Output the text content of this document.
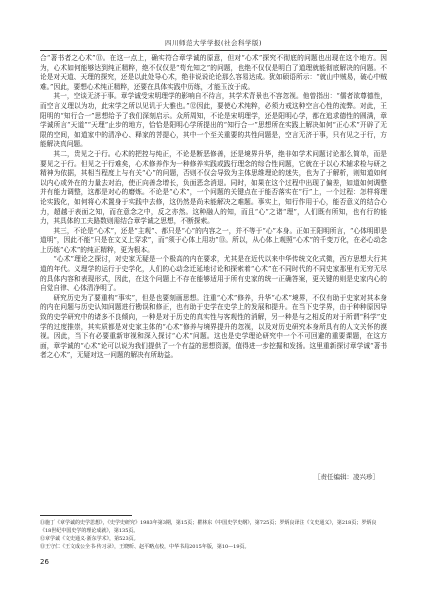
四川师范大学学报(社会科学版)

合“著书者之心术”⑪。在这一点上，确实符合章学诚的原意，但对“心术”探究不彻底的问题也出现在这个地方。因为，心术如何能够达到纯正精粹，绝不仅仅是“苟允知之”的问题，也绝不仅仅是明白了道理就能彻底解决的问题。不论是对天道、天理的探究，还是以此处导心术，绝非说说论论那么容易达成。犹如硕语所示：“就山中贼易，破心中贼难。”因此，要想心术纯正精粹，还要在具体实践中历练，才能玉汝于成。

其一，空谈无济于事。章学诚受宋明理学的影响自不待言，其学术背景也不容忽视。他曾指出：“儒者欲尊德性，而空言义理以为功，此宋学之所以见讥于大雅也。”⑫因此，要使心术纯粹，必须力戒这种空言心性的流弊。对此，王阳明的“知行合一”思想给予了我们深刻启示。众所周知，不论是宋明理学，还是阳明心学，都在追求德性的圆满，章学诚所言“天道”“天理”止步的地方，恰恰是阳明心学所提出的“知行合一”思想所在实践上解决如何“正心术”开辟了无限的空间，如道家中的清净心、释家的菩提心，其中一个至关重要的共性问题是，空言无济于事，只有见之于行，方能解决真问题。

其二，贵见之于行。心术的把控与纯正，不论是断恶修善，还是境界升华，绝非如学术问题讨论那么简单，而是要见之于行。但见之于行难矣，心术修养作为一种修养实践或践行理念的综合性问题，它就在于以心术辅求检与研之精神为依据，其相当程度上与有关“心”的问题，否则不仅会导致为主体思维理论的迷失，也为了于解析，则知道如何以内心或外在的力量去对治，使正向善念增长，负面恶念消退。同时，如果在这个过程中出现了偏差，如道如何调整并有能力调整，这都是对心的磨炼。不论是“心术”，一个问题的关键点在于能否落实在“行”上，一个过程：怎样将理论实践化，如何将心术置身于实践中去修，这仍然是尚未能解决之难题。事实上，知行作用于心，能否意义的结合心力，超越于表面之知，而在意念之中，反之亦然。这种融人的知，而且“心”之诸“理”，人们既有所知，也有行的能力，其具体的工夫路数则需结合章学诚之思想，不断探索。

其三，不论是“心术”，还是“主观”、都只是“心”的内容之一，并不等于“心”本身。正如王阳明所言，“心体明即是道明”，因此不能“只是在文义上穿求”，而“须于心体上用功”⑬。所以，从心体上观照“心术”的千变万化，在必心动念上历练“心术”的纯正精粹，更为根本。

“心术”理论之探讨，对史家无疑是一个极高的内在要求，尤其是在近代以来中华传统文化式微，西方思想大行其道的年代。义理学的运行于史学化，人们的心动念迁延地讨论和探索着“心术”在不同时代的不同史家那里有无穷无尽的具体内容和表现形式，因此，在这个问题上不存在能够适用于所有史家的统一正确答案，更关键的则是史家内心的自觉自律、心体清净明了。

研究历史为了要重构“事实”，但是也要刻画思想。注重“心术”修养，升华“心术”境界，不仅有助于史家对其本身的内在问题与历史认知问题进行勘误和修正，也有助于史学在史学上的发展和提升。在当下史学界，由于种种原因导致的史学研究中的诸多不良倾向，一种是对于历史的真实性与客观性的消解，另一种是与之相反的对于所谓“科学”史学的过度推崇，其实质都是对史家主体的“心术”修养与境界提升的忽视，以及对历史研究本身所具有的人文关怀的漠视。因此，当下有必要重新审视和深入探讨“心术”问题。这也是史学理论研究中一个不可回避的重要课题，在这方面，章学诚的“心术”论可以说为我们提供了一个有益的思想资源，值得进一步挖掘和发扬。这里重新探讨章学诚“著书者之心术”，无疑对这一问题的解决有所助益。

［责任编辑：凌兴珍］
⑪施丁《章学诚的史学思想》，《史学史研究》1983年第3期，第15页；瞿林东《中国史学史纲》，第725页；罗炳良译注《文史通义》，第218页；罗炳良《18世纪中国史学的理论成就》，第135页。
⑫章学诚《文史通义·浙东学术》，第523页。
⑬王守仁《王文成公全书·传习录》，王晓昕、赵平略点校，中华书局2015年版，第10—19页。
26
